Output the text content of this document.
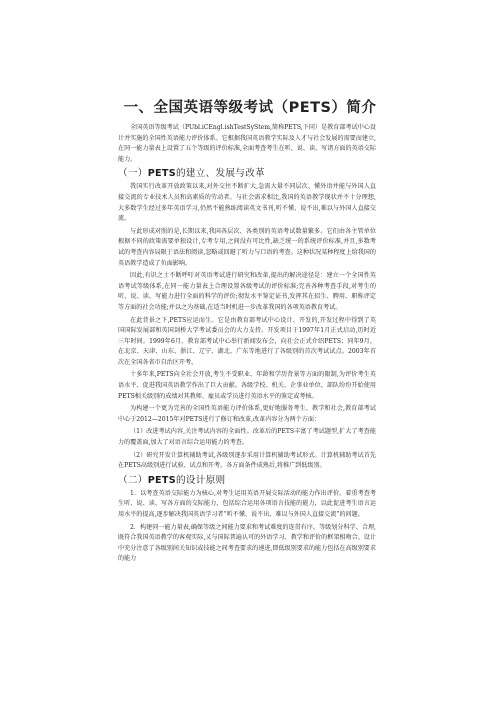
一、全国英语等级考试（PETS）简介

全国英语等级考试（PUbl.iCEngl.ishTestSyStem,简称PETS,下同）是教育部考试中心设计并实施的全国性英语能力评价体系。它根据我国英语教学实际及人才与社会发展的需要而建立,在同一能力量表上设置了五个等级的评价标准,全面考查考生在听、说、读、写诸方面的英语交际能力。

（一）PETS的建立、发展与改革

我国实行改革开放政策以来,对外交往不断扩大,急需大量不同层次、懂外语并能与外国人直接交流的专业技术人员和高素质的劳动者。与社会需求相比,我国的英语教学现状并不十分理想,大多数学生经过多年英语学习,仍然不能熟练阅读英文书刊,听不懂、说不出,难以与外国人直接交流。

与此形成对照的是,长期以来,我国各层次、各类别的英语考试数量繁多。它们由各主管单位根据不同的政策需要单独设计,专考专用,之间没有可比性,缺乏统一的系统评价标准,并且,多数考试的考查内容局限于语法和阅读,忽略或回避了听力与口语的考查。这种状况某种程度上给我国的英语教学造成了负面影响。

因此,有识之士不断呼吁对英语考试进行研究和改革,提出的解决途径是：建立一个全国性英语考试等级体系,在同一能力量表上合理设置各级考试的评价标准;完善各种考查手段,对考生的听、说、读、写能力进行全面的科学的评价;彻发水平鉴定证书,发挥其在招生、聘用、职称评定等方面的社会功能;并以之为基础,在适当时机进一步改革我国的各项英语教育考试。

在此背景之下,PETS应运而生。它是由教育部考试中心设计、开发的,开发过程中得到了英国国际发展部和英国剑桥大学考试委员会的大力支持。开发项目于1997年1月正式启动,历时近三年时间。1999年6月，教育部考试中心举行新闻发布会，向社会正式介绍PETS；同年9月，在北京、天津、山东、浙江、辽宁、湖北、广东等地进行了各级别的首次考试试点。2003年首次在全国各省市自治区开考。

十多年来,PETS向全社会开放,考生不受职业、年龄和学历背景等方面的限制,为评价考生英语水平、促进我国英语教学作出了巨大贡献。各级学校、机关、企事业单位、部队纷纷开始使用PETS相关级别的成绩对其教师、雇员或学员进行英语水平的鉴定或考核。

为构建一个更为完善的全国性英语能力评价体系,更好地服务考生、教学和社会,教育部考试中心于2012—2015年对PETS进行了修订和改革,改革内容分为两个方面：

（1）改进考试内容,关注考试内容的全面性。改革后的PETS丰富了考试题型,扩大了考查能力的覆盖面,加大了对语言综合运用能力的考查。

（2）研究开发计算机辅助考试,各级别逐步采用计算机辅助考试形式。计算机辅助考试首先在PETS高级别进行试验、试点和开考。各方面条件成熟后,将推广到低级别。

（二）PETS的设计原则

1．以考查英语交际能力为核心,对考生运用英语开展交际活动的能力作出评价。着重考查考生听、说、读、写各方面的交际能力，包括综合运用各项语言技能的能力，以此促进考生语言运用水平的提高,逐步解决我国英语学习者“听不懂、说不出，难以与外国人直接交流”的问题。

2．构建同一能力量表,确保等级之间能力要求和考试难度的连贯有序。等级划分科学、合理,既符合我国英语教学的客观实际,又与国际普遍认可的外语学习、教学和评价的框架相吻合。设计中充分注意了各级别间关知识或技能之间考查要求的递进,即低级别要求的能力包括在高级别要求的能力
